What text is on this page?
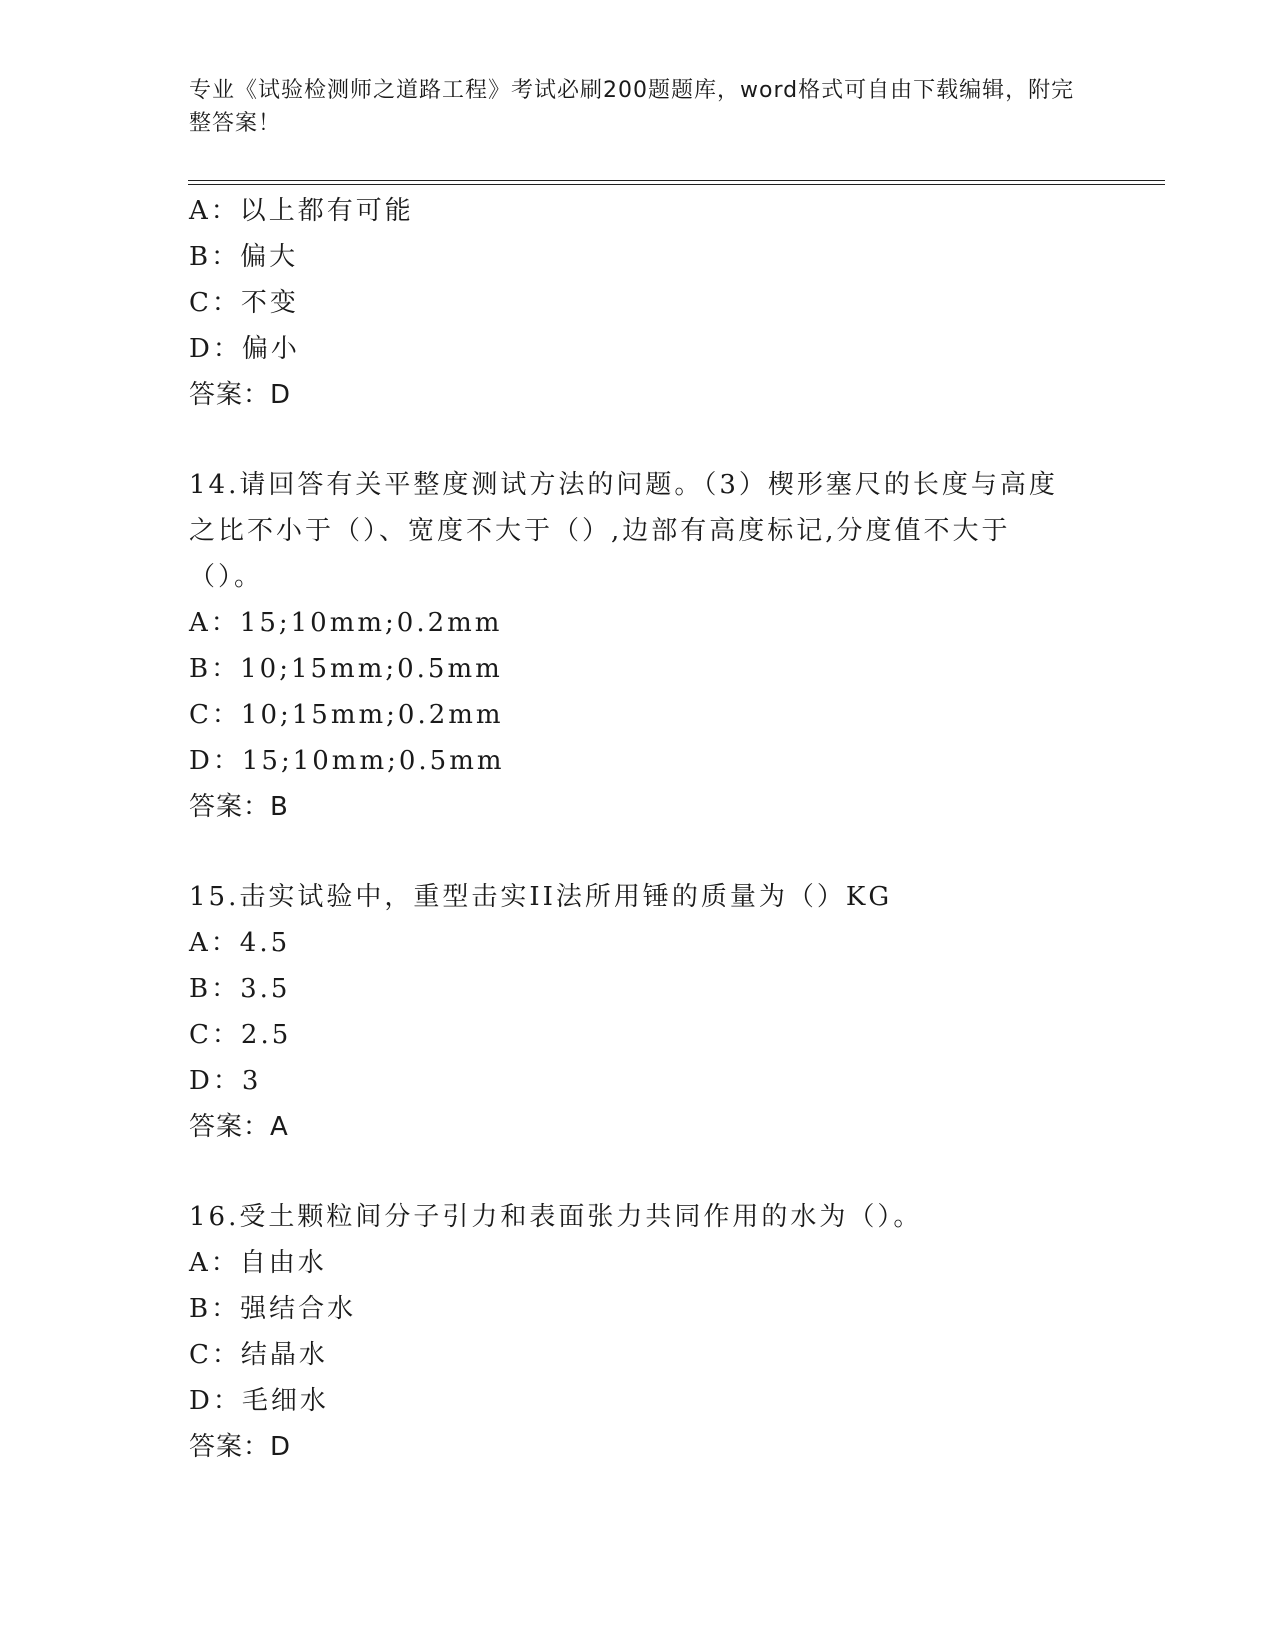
专业《试验检测师之道路工程》考试必刷200题题库，word格式可自由下载编辑，附完整答案！
A：以上都有可能
B：偏大
C：不变
D：偏小
答案：D
14.请回答有关平整度测试方法的问题。（3）楔形塞尺的长度与高度之比不小于（）、宽度不大于（）,边部有高度标记,分度值不大于（）。
A：15;10mm;0.2mm
B：10;15mm;0.5mm
C：10;15mm;0.2mm
D：15;10mm;0.5mm
答案：B
15.击实试验中，重型击实II法所用锤的质量为（）KG
A：4.5
B：3.5
C：2.5
D：3
答案：A
16.受土颗粒间分子引力和表面张力共同作用的水为（）。
A：自由水
B：强结合水
C：结晶水
D：毛细水
答案：D
